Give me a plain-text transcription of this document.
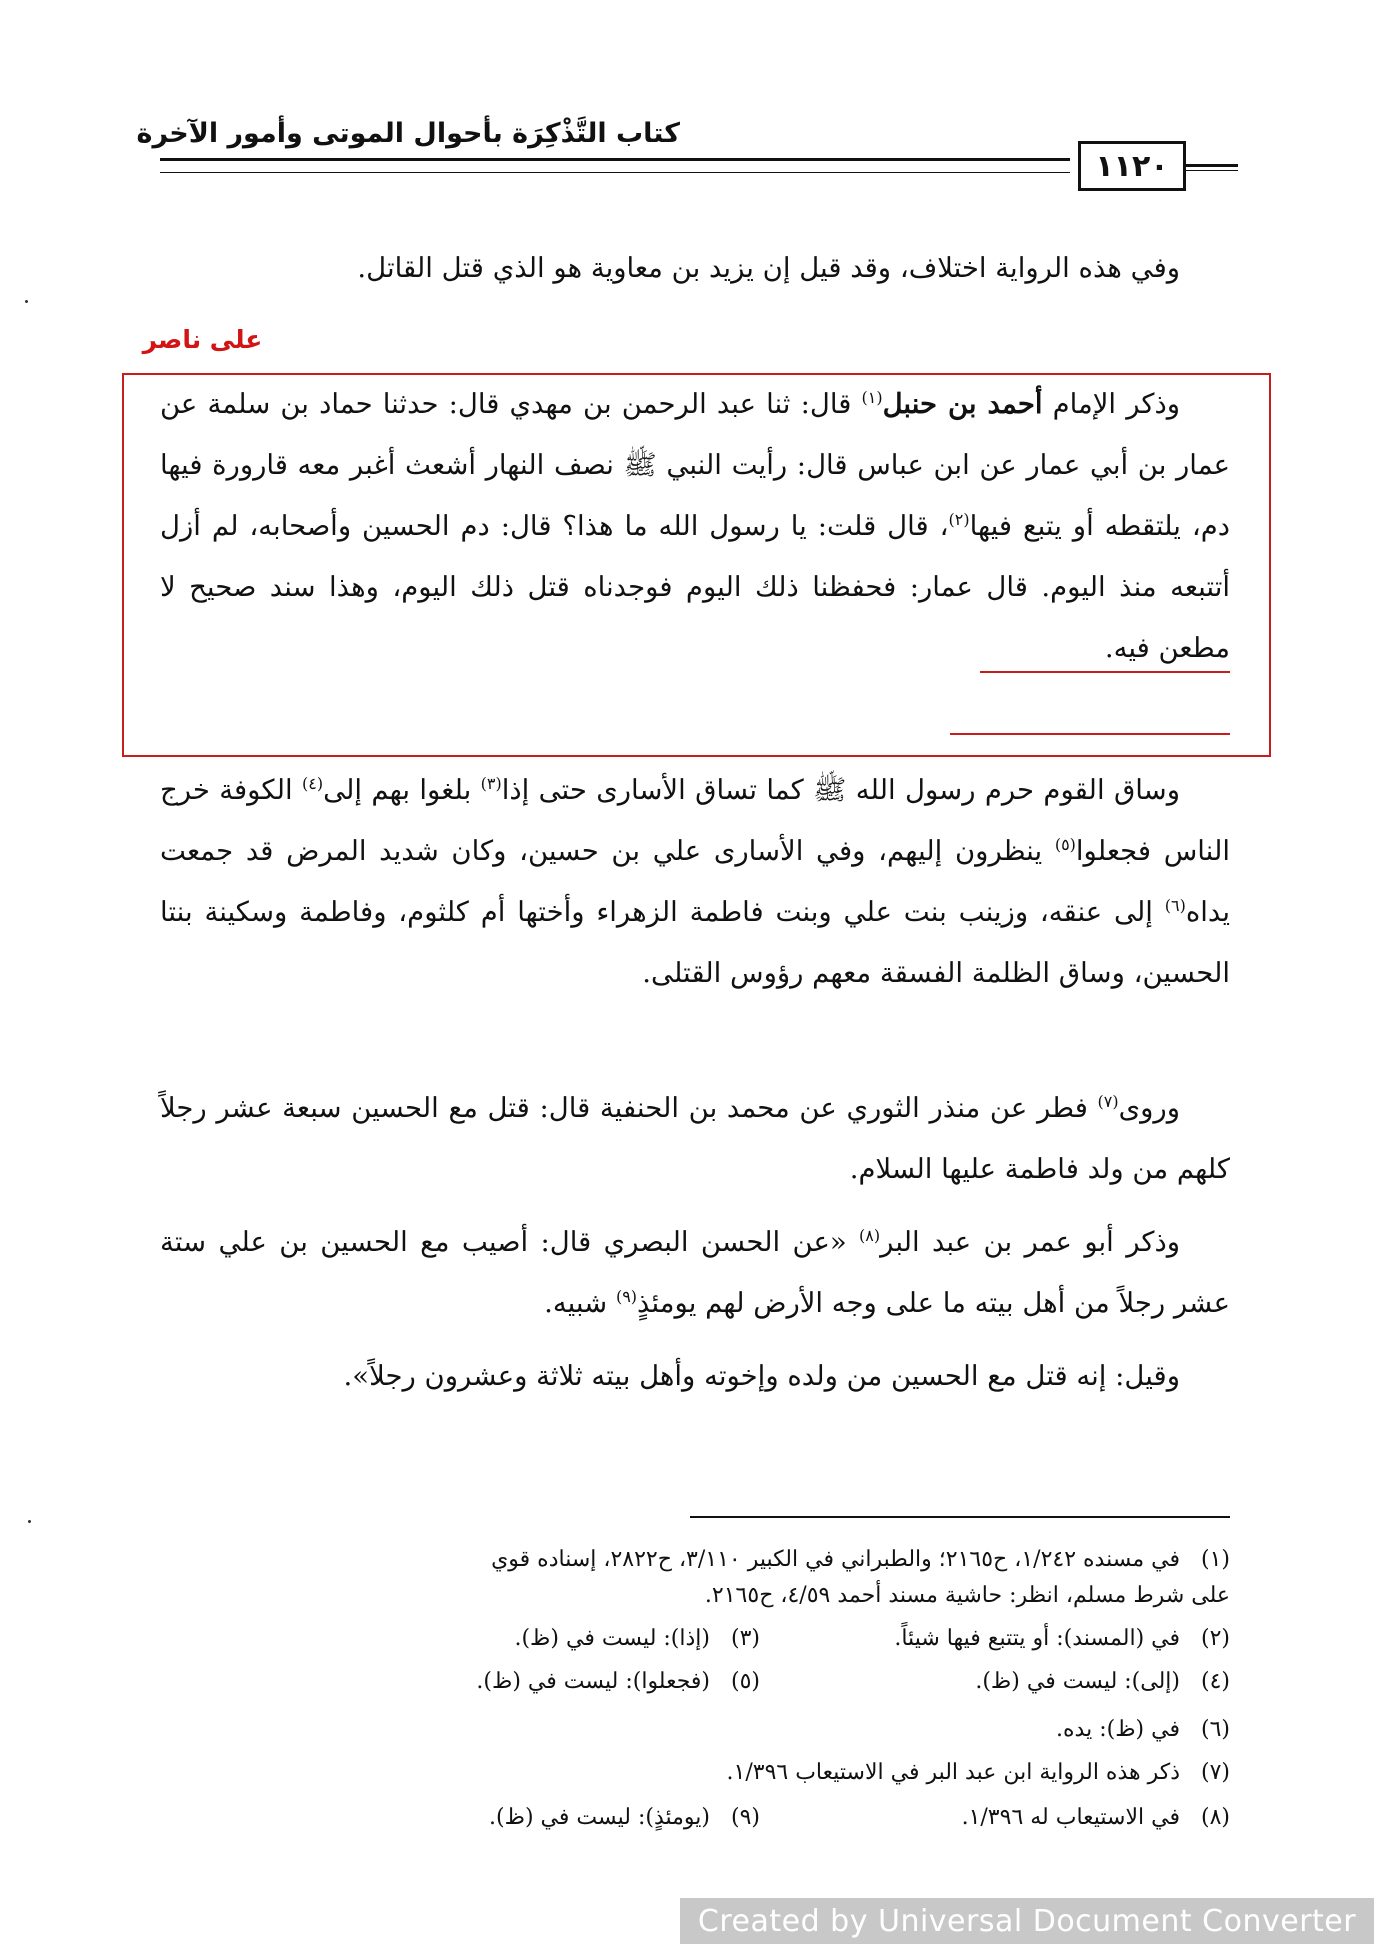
كتاب التَّذْكِرَة بأحوال الموتى وأمور الآخرة
١١٢٠
وفي هذه الرواية اختلاف، وقد قيل إن يزيد بن معاوية هو الذي قتل القاتل.
على ناصر
وذكر الإمام أحمد بن حنبل$^{(١)}$ قال: ثنا عبد الرحمن بن مهدي قال: حدثنا حماد بن سلمة عن عمار بن أبي عمار عن ابن عباس قال: رأيت النبي ﷺ نصف النهار أشعث أغبر معه قارورة فيها دم، يلتقطه أو يتبع فيها$^{(٢)}$، قال قلت: يا رسول الله ما هذا؟ قال: دم الحسين وأصحابه، لم أزل أتتبعه منذ اليوم. قال عمار: فحفظنا ذلك اليوم فوجدناه قتل ذلك اليوم، وهذا سند صحيح لا مطعن فيه.
وساق القوم حرم رسول الله ﷺ كما تساق الأسارى حتى إذا$^{(٣)}$ بلغوا بهم إلى$^{(٤)}$ الكوفة خرج الناس فجعلوا$^{(٥)}$ ينظرون إليهم، وفي الأسارى علي بن حسين، وكان شديد المرض قد جمعت يداه$^{(٦)}$ إلى عنقه، وزينب بنت علي وبنت فاطمة الزهراء وأختها أم كلثوم، وفاطمة وسكينة بنتا الحسين، وساق الظلمة الفسقة معهم رؤوس القتلى.
وروى$^{(٧)}$ فطر عن منذر الثوري عن محمد بن الحنفية قال: قتل مع الحسين سبعة عشر رجلاً كلهم من ولد فاطمة عليها السلام.
وذكر أبو عمر بن عبد البر$^{(٨)}$ «عن الحسن البصري قال: أصيب مع الحسين بن علي ستة عشر رجلاً من أهل بيته ما على وجه الأرض لهم يومئذٍ$^{(٩)}$ شبيه.
وقيل: إنه قتل مع الحسين من ولده وإخوته وأهل بيته ثلاثة وعشرون رجلاً».
(١)في مسنده ١/٢٤٢، ح٢١٦٥؛ والطبراني في الكبير ٣/١١٠، ح٢٨٢٢، إسناده قوي
على شرط مسلم، انظر: حاشية مسند أحمد ٤/٥٩، ح٢١٦٥.
(٢)في (المسند): أو يتتبع فيها شيئاً.(٣)(إذا): ليست في (ظ).
(٤)(إلى): ليست في (ظ).(٥)(فجعلوا): ليست في (ظ).
(٦)في (ظ): يده.
(٧)ذكر هذه الرواية ابن عبد البر في الاستيعاب ١/٣٩٦.
(٨)في الاستيعاب له ١/٣٩٦.(٩)(يومئذٍ): ليست في (ظ).
Created by Universal Document Converter
